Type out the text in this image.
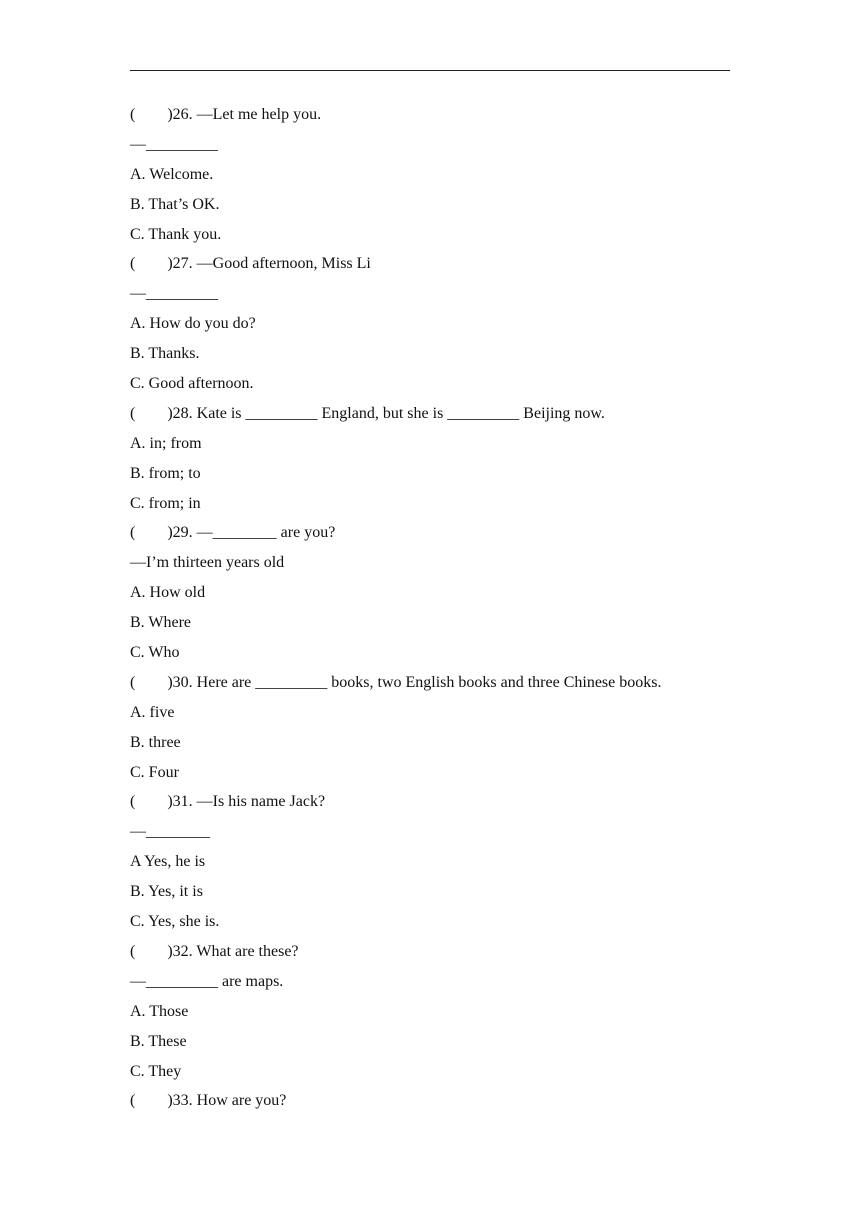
(　　)26. —Let me help you.
—_________
A. Welcome.
B. That’s OK.
C. Thank you.
(　　)27. —Good afternoon, Miss Li
—_________
A. How do you do?
B. Thanks.
C. Good afternoon.
(　　)28. Kate is _________ England, but she is _________ Beijing now.
A. in; from
B. from; to
C. from; in
(　　)29. —________ are you?
—I’m thirteen years old
A. How old
B. Where
C. Who
(　　)30. Here are _________ books, two English books and three Chinese books.
A. five
B. three
C. Four
(　　)31. —Is his name Jack?
—________
A Yes, he is
B. Yes, it is
C. Yes, she is.
(　　)32. What are these?
—_________ are maps.
A. Those
B. These
C. They
(　　)33. How are you?
